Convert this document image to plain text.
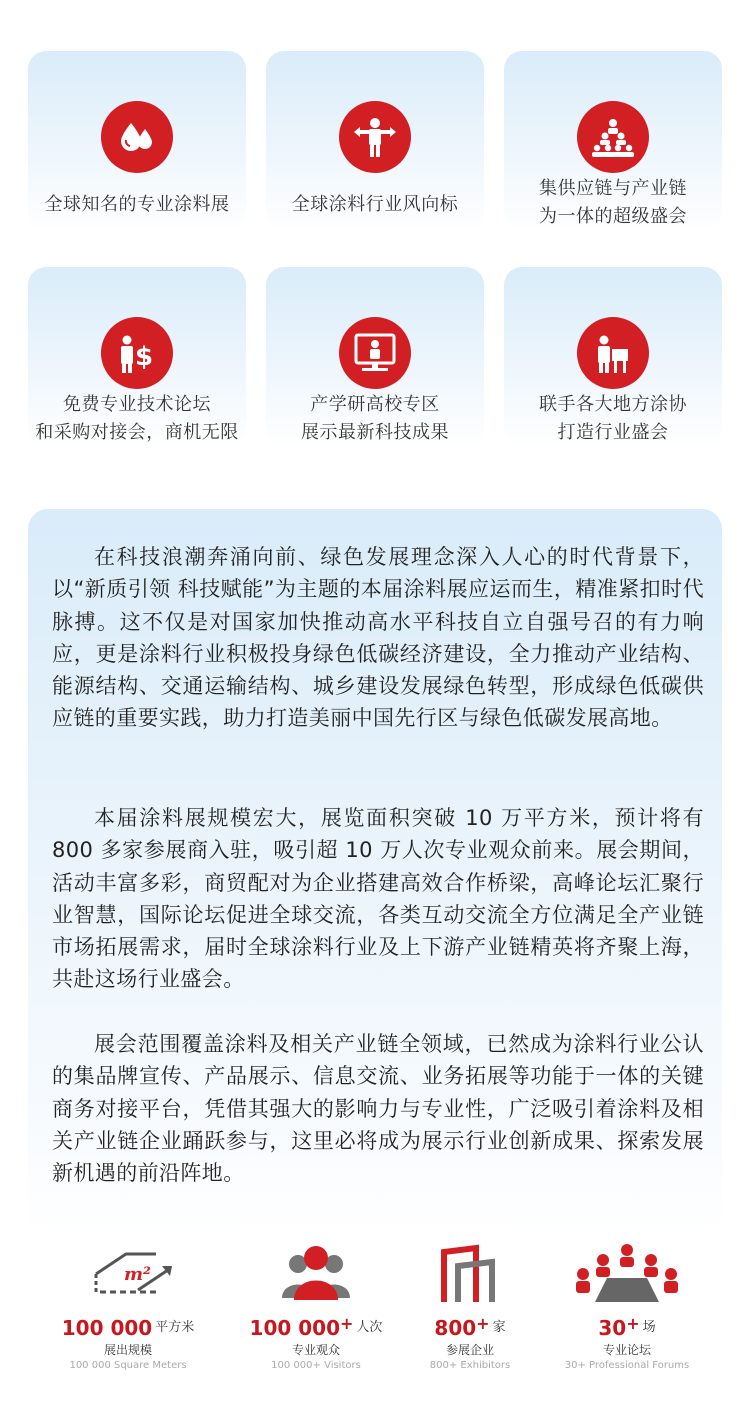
全球知名的专业涂料展	全球涂料行业风向标
集供应链与产业链
为一体的超级盛会
$
免费专业技术论坛
和采购对接会，商机无限
产学研高校专区
展示最新科技成果
联手各大地方涂协
打造行业盛会

在科技浪潮奔涌向前、绿色发展理念深入人心的时代背景下，以“新质引领 科技赋能”为主题的本届涂料展应运而生，精准紧扣时代脉搏。这不仅是对国家加快推动高水平科技自立自强号召的有力响应，更是涂料行业积极投身绿色低碳经济建设，全力推动产业结构、能源结构、交通运输结构、城乡建设发展绿色转型，形成绿色低碳供应链的重要实践，助力打造美丽中国先行区与绿色低碳发展高地。

本届涂料展规模宏大，展览面积突破 10 万平方米，预计将有 800 多家参展商入驻，吸引超 10 万人次专业观众前来。展会期间，活动丰富多彩，商贸配对为企业搭建高效合作桥梁，高峰论坛汇聚行业智慧，国际论坛促进全球交流，各类互动交流全方位满足全产业链市场拓展需求，届时全球涂料行业及上下游产业链精英将齐聚上海，共赴这场行业盛会。

展会范围覆盖涂料及相关产业链全领域，已然成为涂料行业公认的集品牌宣传、产品展示、信息交流、业务拓展等功能于一体的关键商务对接平台，凭借其强大的影响力与专业性，广泛吸引着涂料及相关产业链企业踊跃参与，这里必将成为展示行业创新成果、探索发展新机遇的前沿阵地。

m²
100 000 $^{平方米}$
展出规模
100 000 Square Meters
100 000+ $^{人次}$
专业观众
100 000+ Visitors
800+ $^家$
参展企业
800+ Exhibitors
30+ $^场$
专业论坛
30+ Professional Forums
